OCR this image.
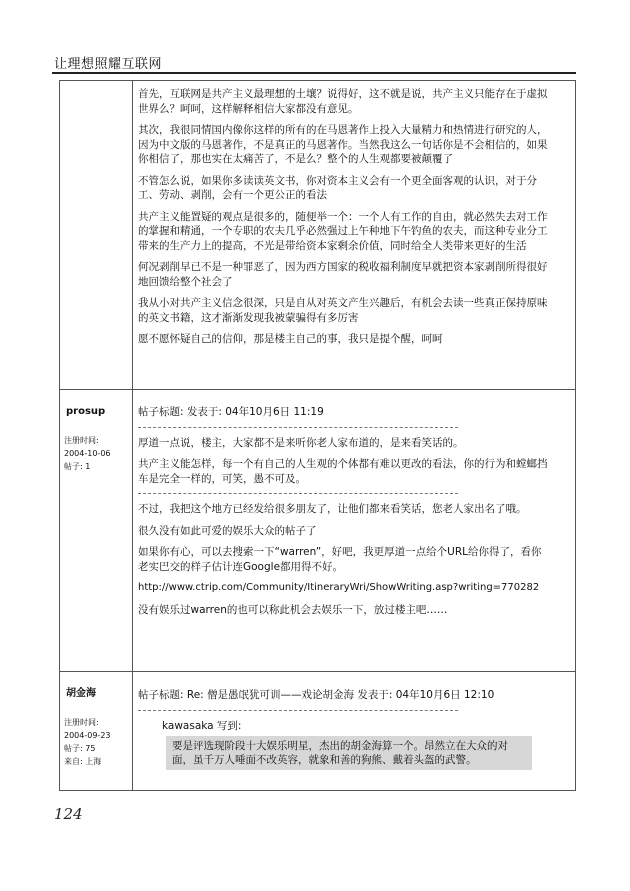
让理想照耀互联网

首先，互联网是共产主义最理想的土壤？说得好，这不就是说，共产主义只能存在于虚拟世界么？呵呵，这样解释相信大家都没有意见。

其次，我很同情国内像你这样的所有的在马恩著作上投入大量精力和热情进行研究的人，因为中文版的马恩著作，不是真正的马恩著作。当然我这么一句话你是不会相信的，如果你相信了，那也实在太痛苦了，不是么？整个的人生观都要被颠覆了

不管怎么说，如果你多读读英文书，你对资本主义会有一个更全面客观的认识，对于分工、劳动、剥削，会有一个更公正的看法

共产主义能置疑的观点是很多的，随便举一个：一个人有工作的自由，就必然失去对工作的掌握和精通，一个专职的农夫几乎必然强过上午种地下午钓鱼的农夫，而这种专业分工带来的生产力上的提高，不光是带给资本家剩余价值，同时给全人类带来更好的生活

何况剥削早已不是一种罪恶了，因为西方国家的税收福利制度早就把资本家剥削所得很好地回馈给整个社会了

我从小对共产主义信念很深，只是自从对英文产生兴趣后，有机会去读一些真正保持原味的英文书籍，这才渐渐发现我被蒙骗得有多厉害

愿不愿怀疑自己的信仰，那是楼主自己的事，我只是提个醒，呵呵

prosup
注册时间:
2004-10-06
帖子: 1
帖子标题: 发表于: 04年10月6日 11:19

厚道一点说，楼主，大家都不是来听你老人家布道的，是来看笑话的。

共产主义能怎样，每一个有自己的人生观的个体都有难以更改的看法，你的行为和螳螂挡车是完全一样的，可笑，愚不可及。

不过，我把这个地方已经发给很多朋友了，让他们都来看笑话，您老人家出名了哦。

很久没有如此可爱的娱乐大众的帖子了

如果你有心，可以去搜索一下“warren”，好吧，我更厚道一点给个URL给你得了，看你老实巴交的样子估计连Google都用得不好。

http://www.ctrip.com/Community/ItineraryWri/ShowWriting.asp?writing=770282

没有娱乐过warren的也可以称此机会去娱乐一下，放过楼主吧……

胡金海
注册时间:
2004-09-23
帖子: 75
来自: 上海
帖子标题: Re: 僧是愚氓犹可训——戏论胡金海 发表于: 04年10月6日 12:10
kawasaka 写到:
要是评选现阶段十大娱乐明星，杰出的胡金海算一个。昂然立在大众的对面，虽千万人唾面不改英容，就象和善的狗熊、戴着头盔的武警。
124
